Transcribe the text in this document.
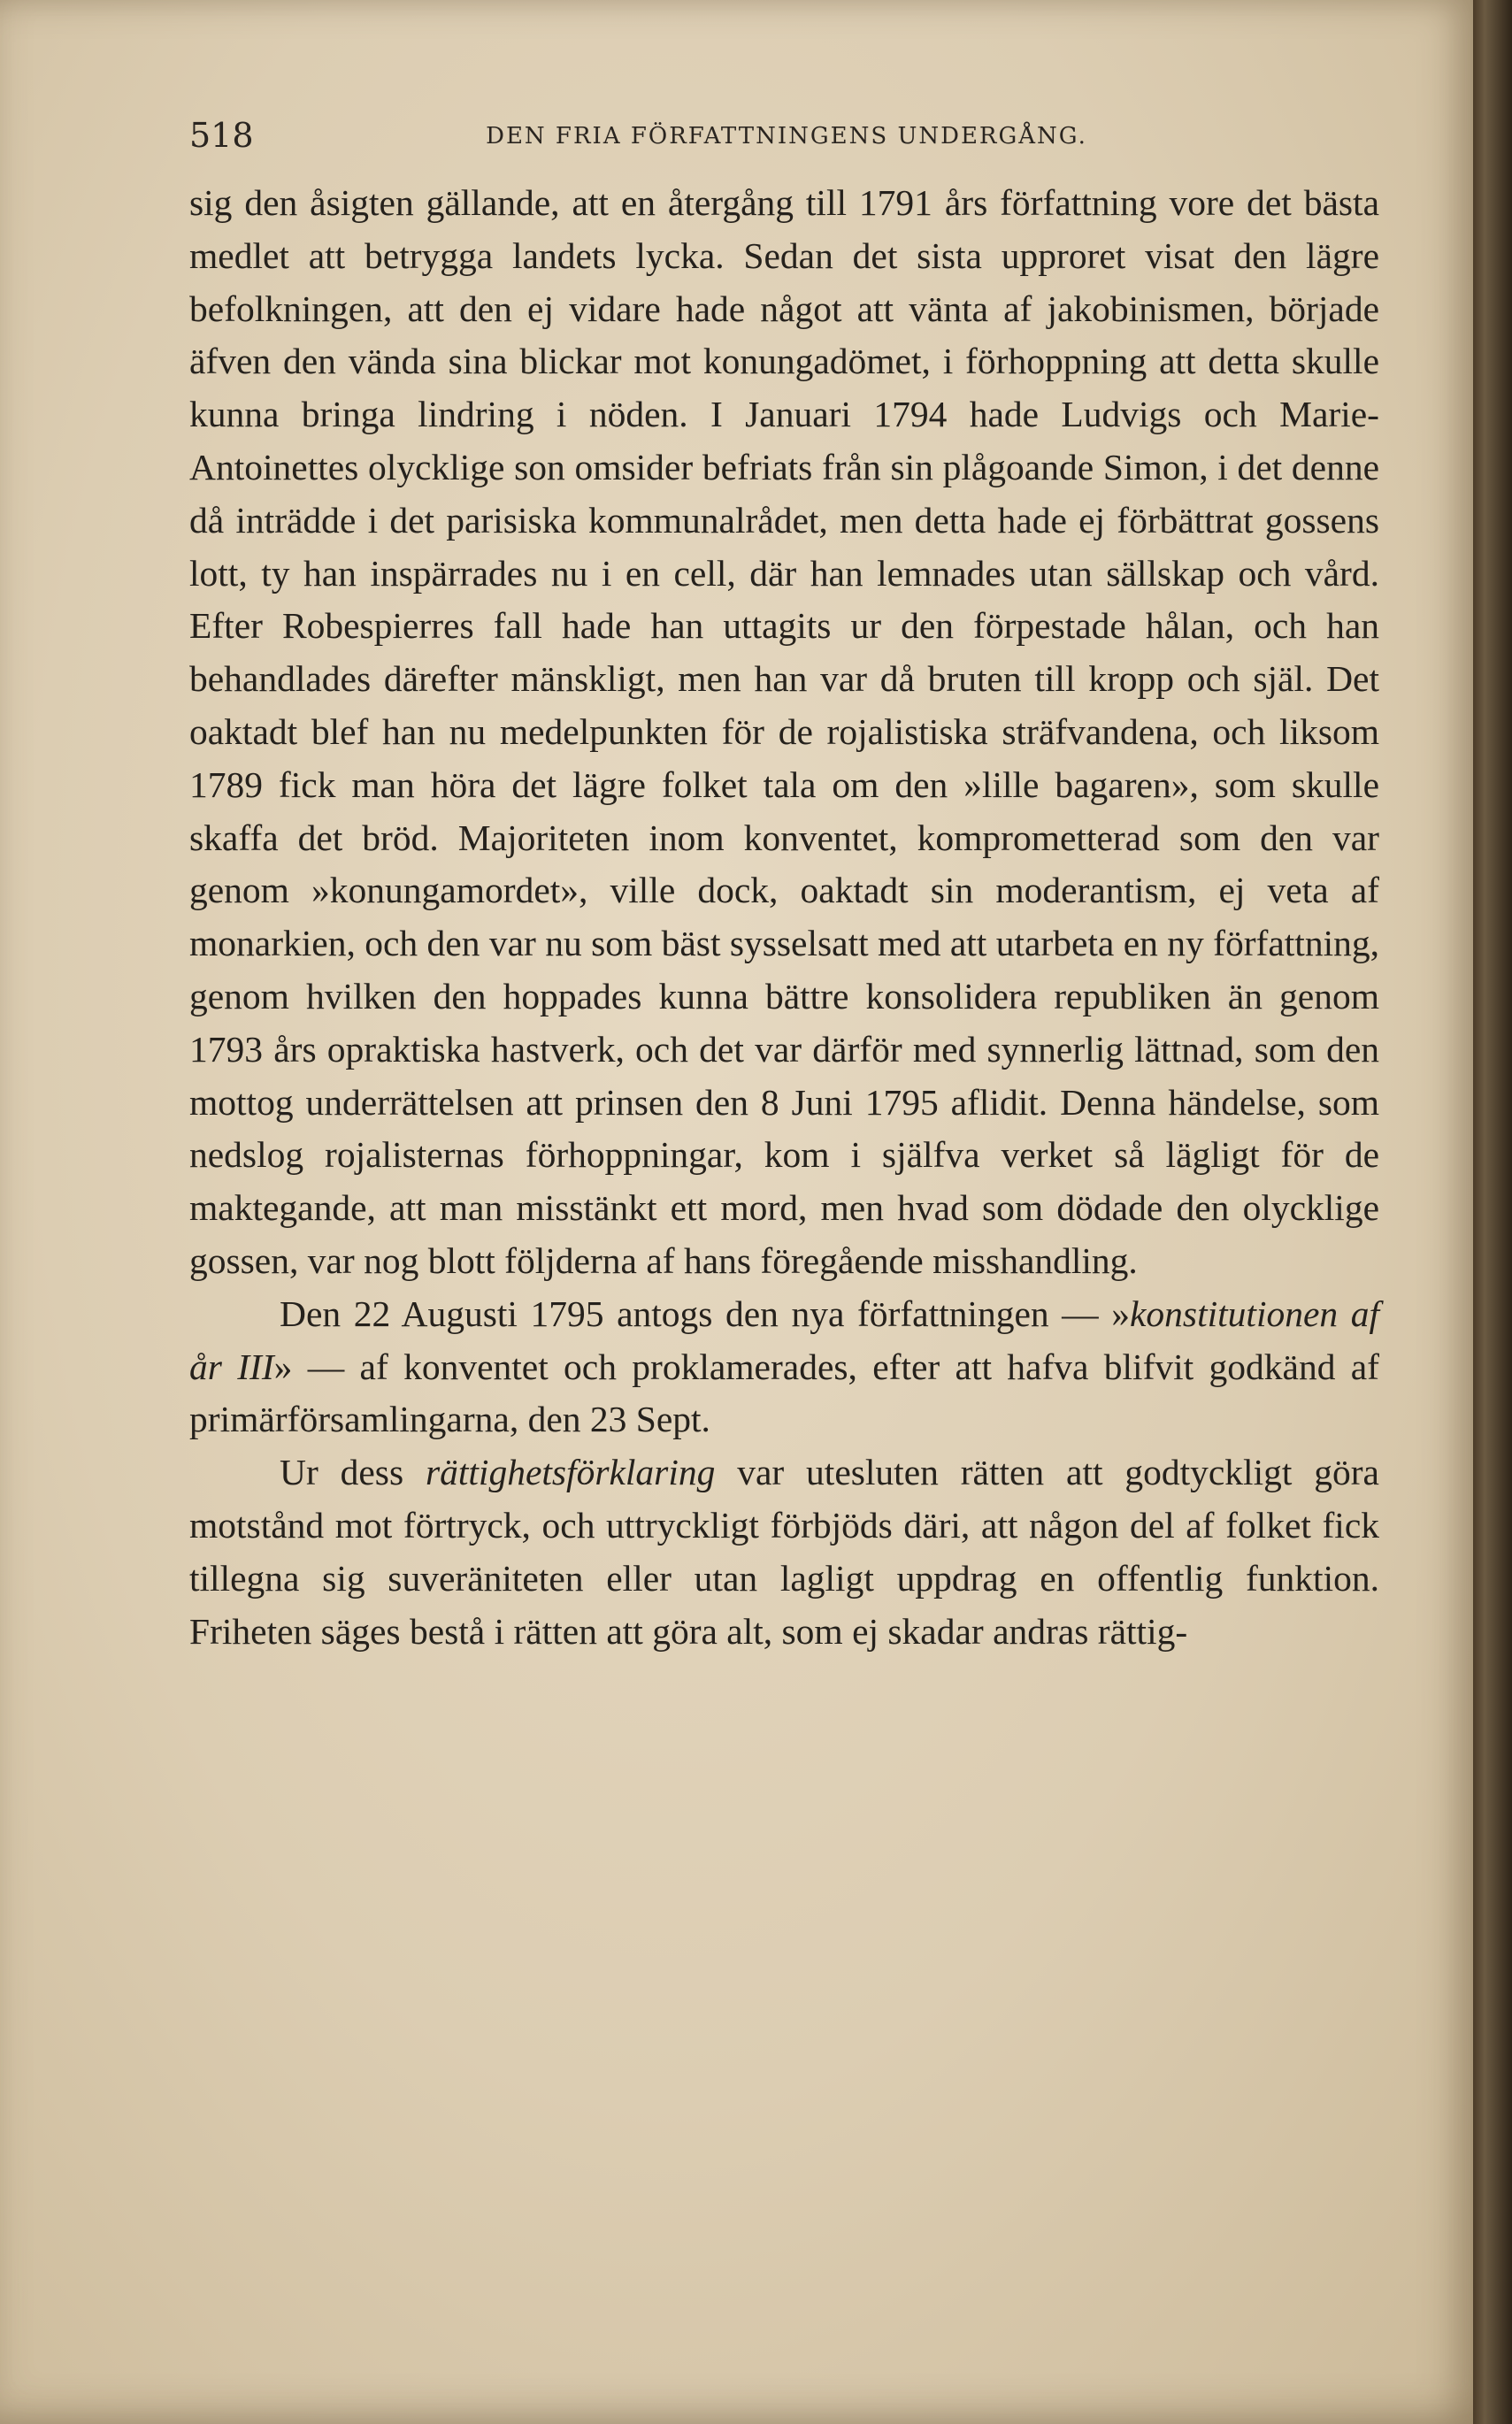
518	DEN FRIA FÖRFATTNINGENS UNDERGÅNG.

sig den åsigten gällande, att en återgång till 1791 års författning vore det bästa medlet att betrygga landets lycka. Sedan det sista upproret visat den lägre befolkningen, att den ej vidare hade något att vänta af jakobinismen, började äfven den vända sina blickar mot konungadömet, i förhoppning att detta skulle kunna bringa lindring i nöden. I Januari 1794 hade Ludvigs och Marie-Antoinettes olycklige son omsider befriats från sin plågoande Simon, i det denne då inträdde i det parisiska kommunalrådet, men detta hade ej förbättrat gossens lott, ty han inspärrades nu i en cell, där han lemnades utan sällskap och vård. Efter Robespierres fall hade han uttagits ur den förpestade hålan, och han behandlades därefter mänskligt, men han var då bruten till kropp och själ. Det oaktadt blef han nu medelpunkten för de rojalistiska sträfvandena, och liksom 1789 fick man höra det lägre folket tala om den »lille bagaren», som skulle skaffa det bröd. Majoriteten inom konventet, komprometterad som den var genom »konungamordet», ville dock, oaktadt sin moderantism, ej veta af monarkien, och den var nu som bäst sysselsatt med att utarbeta en ny författning, genom hvilken den hoppades kunna bättre konsolidera republiken än genom 1793 års opraktiska hastverk, och det var därför med synnerlig lättnad, som den mottog underrättelsen att prinsen den 8 Juni 1795 aflidit. Denna händelse, som nedslog rojalisternas förhoppningar, kom i själfva verket så lägligt för de maktegande, att man misstänkt ett mord, men hvad som dödade den olycklige gossen, var nog blott följderna af hans föregående misshandling.

Den 22 Augusti 1795 antogs den nya författningen — »konstitutionen af år III» — af konventet och proklamerades, efter att hafva blifvit godkänd af primärförsamlingarna, den 23 Sept.

Ur dess rättighetsförklaring var utesluten rätten att godtyckligt göra motstånd mot förtryck, och uttryckligt förbjöds däri, att någon del af folket fick tillegna sig suveräniteten eller utan lagligt uppdrag en offentlig funktion. Friheten säges bestå i rätten att göra alt, som ej skadar andras rättig-
